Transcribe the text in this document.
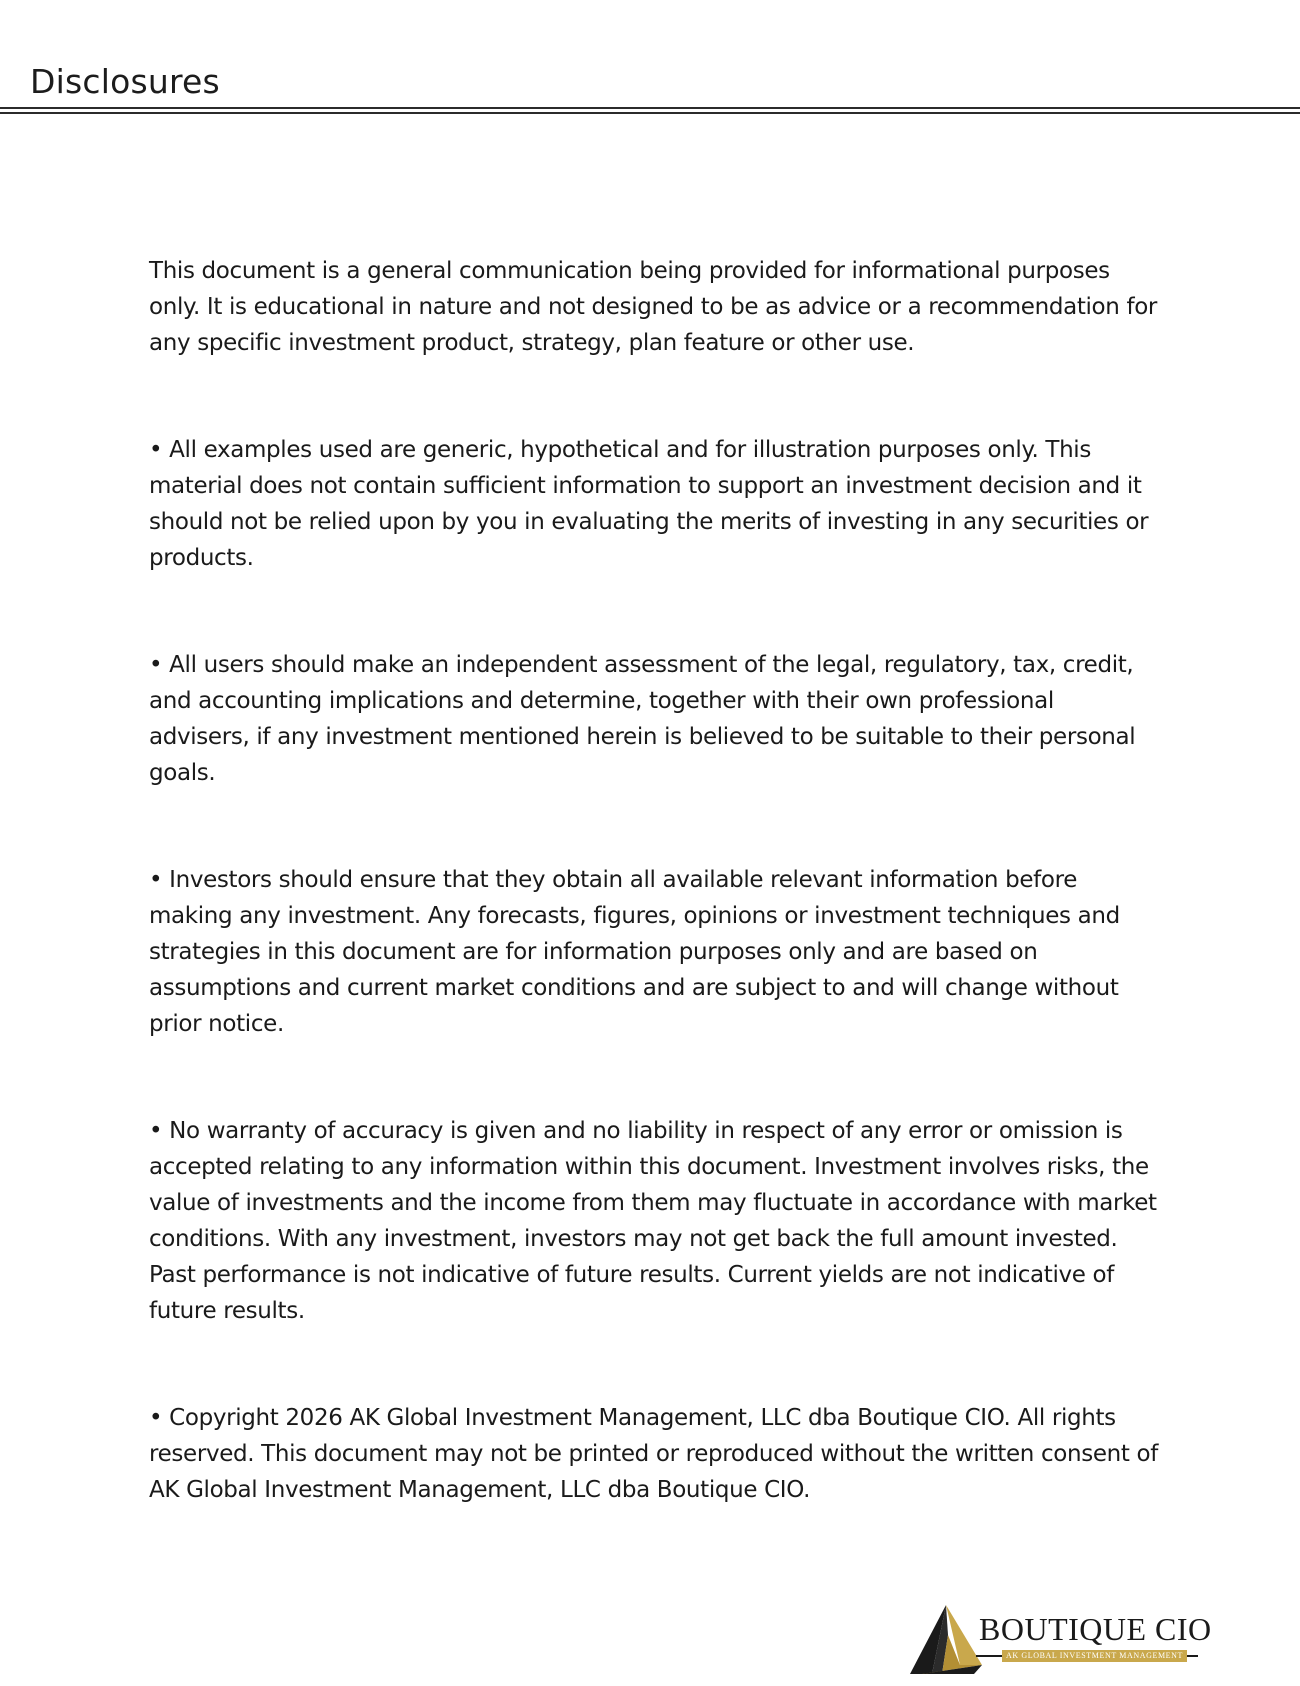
Disclosures

This document is a general communication being provided for informational purposes only. It is educational in nature and not designed to be as advice or a recommendation for any specific investment product, strategy, plan feature or other use.

• All examples used are generic, hypothetical and for illustration purposes only. This material does not contain sufficient information to support an investment decision and it should not be relied upon by you in evaluating the merits of investing in any securities or products.

• All users should make an independent assessment of the legal, regulatory, tax, credit, and accounting implications and determine, together with their own professional advisers, if any investment mentioned herein is believed to be suitable to their personal goals.

• Investors should ensure that they obtain all available relevant information before making any investment. Any forecasts, figures, opinions or investment techniques and strategies in this document are for information purposes only and are based on assumptions and current market conditions and are subject to and will change without prior notice.

• No warranty of accuracy is given and no liability in respect of any error or omission is accepted relating to any information within this document. Investment involves risks, the value of investments and the income from them may fluctuate in accordance with market conditions. With any investment, investors may not get back the full amount invested. Past performance is not indicative of future results. Current yields are not indicative of future results.

• Copyright 2026 AK Global Investment Management, LLC dba Boutique CIO. All rights reserved. This document may not be printed or reproduced without the written consent of AK Global Investment Management, LLC dba Boutique CIO.

BOUTIQUE CIO
AK GLOBAL INVESTMENT MANAGEMENT
